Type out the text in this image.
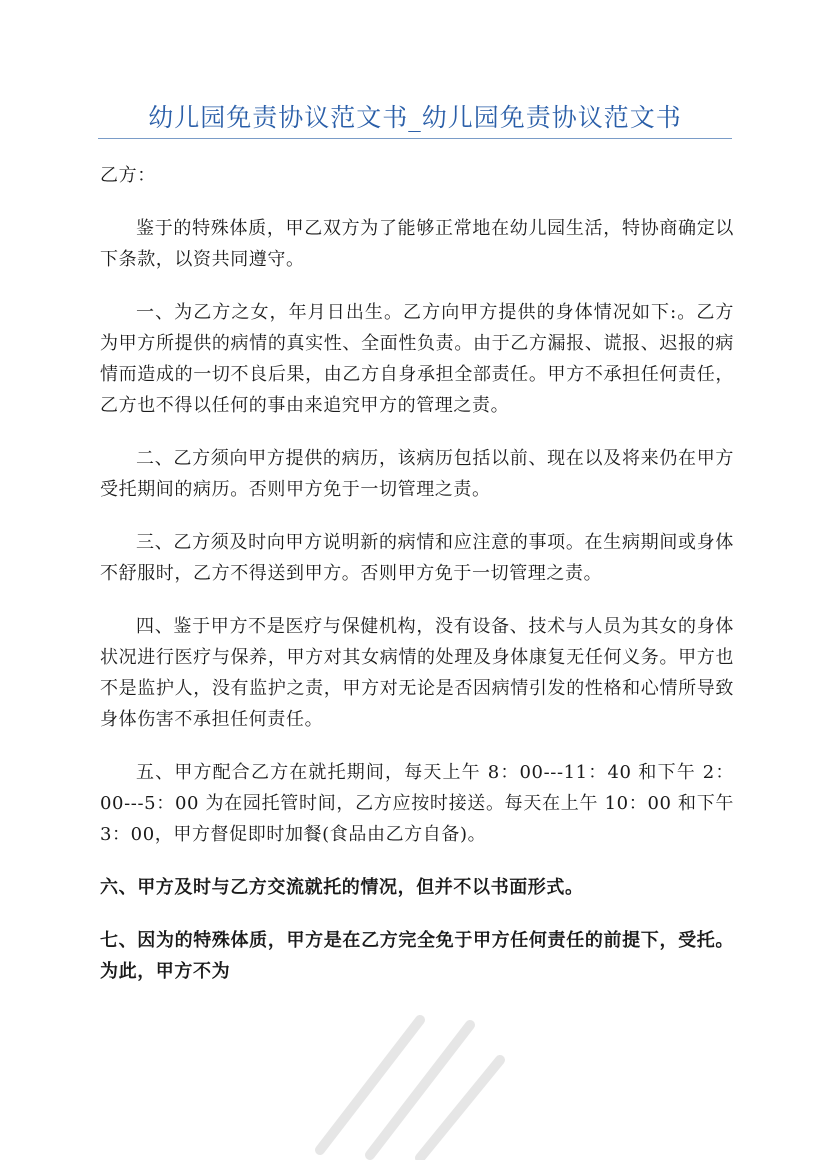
幼儿园免责协议范文书_幼儿园免责协议范文书

乙方：

鉴于的特殊体质，甲乙双方为了能够正常地在幼儿园生活，特协商确定以下条款，以资共同遵守。

一、为乙方之女，年月日出生。乙方向甲方提供的身体情况如下:。乙方为甲方所提供的病情的真实性、全面性负责。由于乙方漏报、谎报、迟报的病情而造成的一切不良后果，由乙方自身承担全部责任。甲方不承担任何责任，乙方也不得以任何的事由来追究甲方的管理之责。

二、乙方须向甲方提供的病历，该病历包括以前、现在以及将来仍在甲方受托期间的病历。否则甲方免于一切管理之责。

三、乙方须及时向甲方说明新的病情和应注意的事项。在生病期间或身体不舒服时，乙方不得送到甲方。否则甲方免于一切管理之责。

四、鉴于甲方不是医疗与保健机构，没有设备、技术与人员为其女的身体状况进行医疗与保养，甲方对其女病情的处理及身体康复无任何义务。甲方也不是监护人，没有监护之责，甲方对无论是否因病情引发的性格和心情所导致身体伤害不承担任何责任。

五、甲方配合乙方在就托期间，每天上午 8：00---11：40 和下午 2：00---5：00 为在园托管时间，乙方应按时接送。每天在上午 10：00 和下午 3：00，甲方督促即时加餐(食品由乙方自备)。

六、甲方及时与乙方交流就托的情况，但并不以书面形式。

七、因为的特殊体质，甲方是在乙方完全免于甲方任何责任的前提下，受托。为此，甲方不为
